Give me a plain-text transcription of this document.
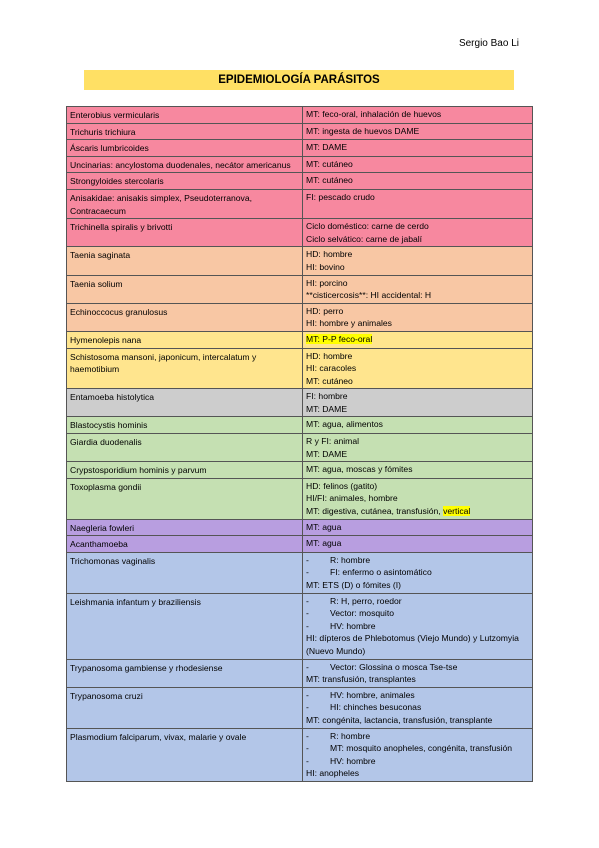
Sergio Bao Li
EPIDEMIOLOGÍA PARÁSITOS
Enterobius vermicularis	MT: feco-oral, inhalación de huevos

Trichuris trichiura	MT: ingesta de huevos DAME

Áscaris lumbricoides	MT: DAME

Uncinarias: ancylostoma duodenales, necátor americanus	MT: cutáneo

Strongyloides stercolaris	MT: cutáneo

Anisakidae: anisakis simplex, Pseudoterranova, Contracaecum	FI: pescado crudo

Trichinella spiralis y brivotti	Ciclo doméstico: carne de cerdo
Ciclo selvático: carne de jabalí

Taenia saginata	HD: hombre
HI: bovino

Taenia solium	HI: porcino
**cisticercosis**: HI accidental: H

Echinoccocus granulosus	HD: perro
HI: hombre y animales

Hymenolepis nana	MT: P-P feco-oral

Schistosoma mansoni, japonicum, intercalatum y haemotibium	HD: hombre
HI: caracoles
MT: cutáneo

Entamoeba histolytica	FI: hombre
MT: DAME

Blastocystis hominis	MT: agua, alimentos

Giardia duodenalis	R y FI: animal
MT: DAME

Crypstosporidium hominis y parvum	MT: agua, moscas y fómites

Toxoplasma gondii	HD: felinos (gatito)
HI/FI: animales, hombre
MT: digestiva, cutánea, transfusión, vertical

Naegleria fowleri	MT: agua

Acanthamoeba	MT: agua

Trichomonas vaginalis	- R: hombre
- FI: enfermo o asintomático
MT: ETS (D) o fómites (I)

Leishmania infantum y braziliensis	- R: H, perro, roedor
- Vector: mosquito
- HV: hombre
HI: dípteros de Phlebotomus (Viejo Mundo) y Lutzomyia (Nuevo Mundo)

Trypanosoma gambiense y rhodesiense	- Vector: Glossina o mosca Tse-tse
MT: transfusión, transplantes

Trypanosoma cruzi	- HV: hombre, animales
- HI: chinches besuconas
MT: congénita, lactancia, transfusión, transplante

Plasmodium falciparum, vivax, malarie y ovale	- R: hombre
- MT: mosquito anopheles, congénita, transfusión
- HV: hombre
HI: anopheles
